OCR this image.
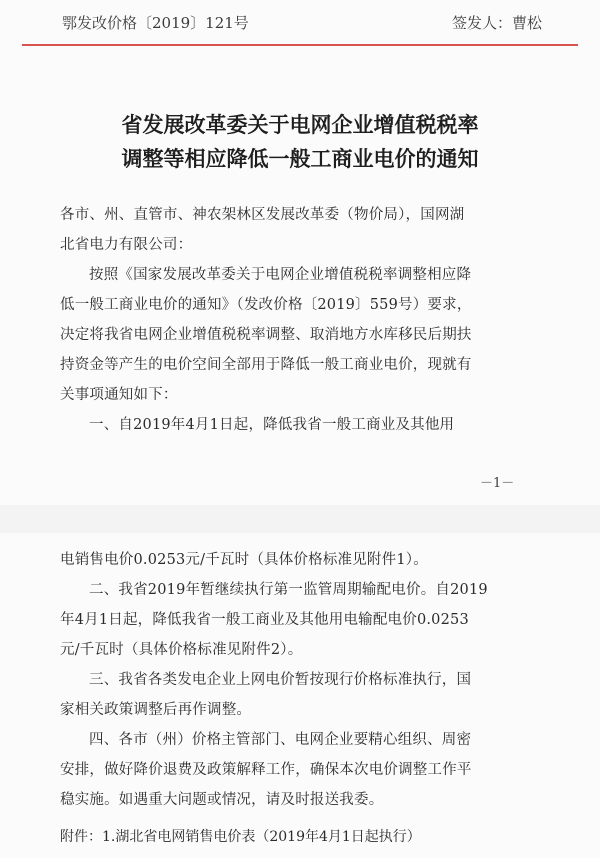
鄂发改价格〔2019〕121号	签发人：曹松
省发展改革委关于电网企业增值税税率
调整等相应降低一般工商业电价的通知
各市、州、直管市、神农架林区发展改革委（物价局），国网湖
北省电力有限公司：
按照《国家发展改革委关于电网企业增值税税率调整相应降
低一般工商业电价的通知》（发改价格〔2019〕559号）要求，
决定将我省电网企业增值税税率调整、取消地方水库移民后期扶
持资金等产生的电价空间全部用于降低一般工商业电价，现就有
关事项通知如下：
一、自2019年4月1日起，降低我省一般工商业及其他用
－1－
电销售电价0.0253元/千瓦时（具体价格标准见附件1）。
二、我省2019年暂继续执行第一监管周期输配电价。自2019
年4月1日起，降低我省一般工商业及其他用电输配电价0.0253
元/千瓦时（具体价格标准见附件2）。
三、我省各类发电企业上网电价暂按现行价格标准执行，国
家相关政策调整后再作调整。
四、各市（州）价格主管部门、电网企业要精心组织、周密
安排，做好降价退费及政策解释工作，确保本次电价调整工作平
稳实施。如遇重大问题或情况，请及时报送我委。
附件：1.湖北省电网销售电价表（2019年4月1日起执行）
